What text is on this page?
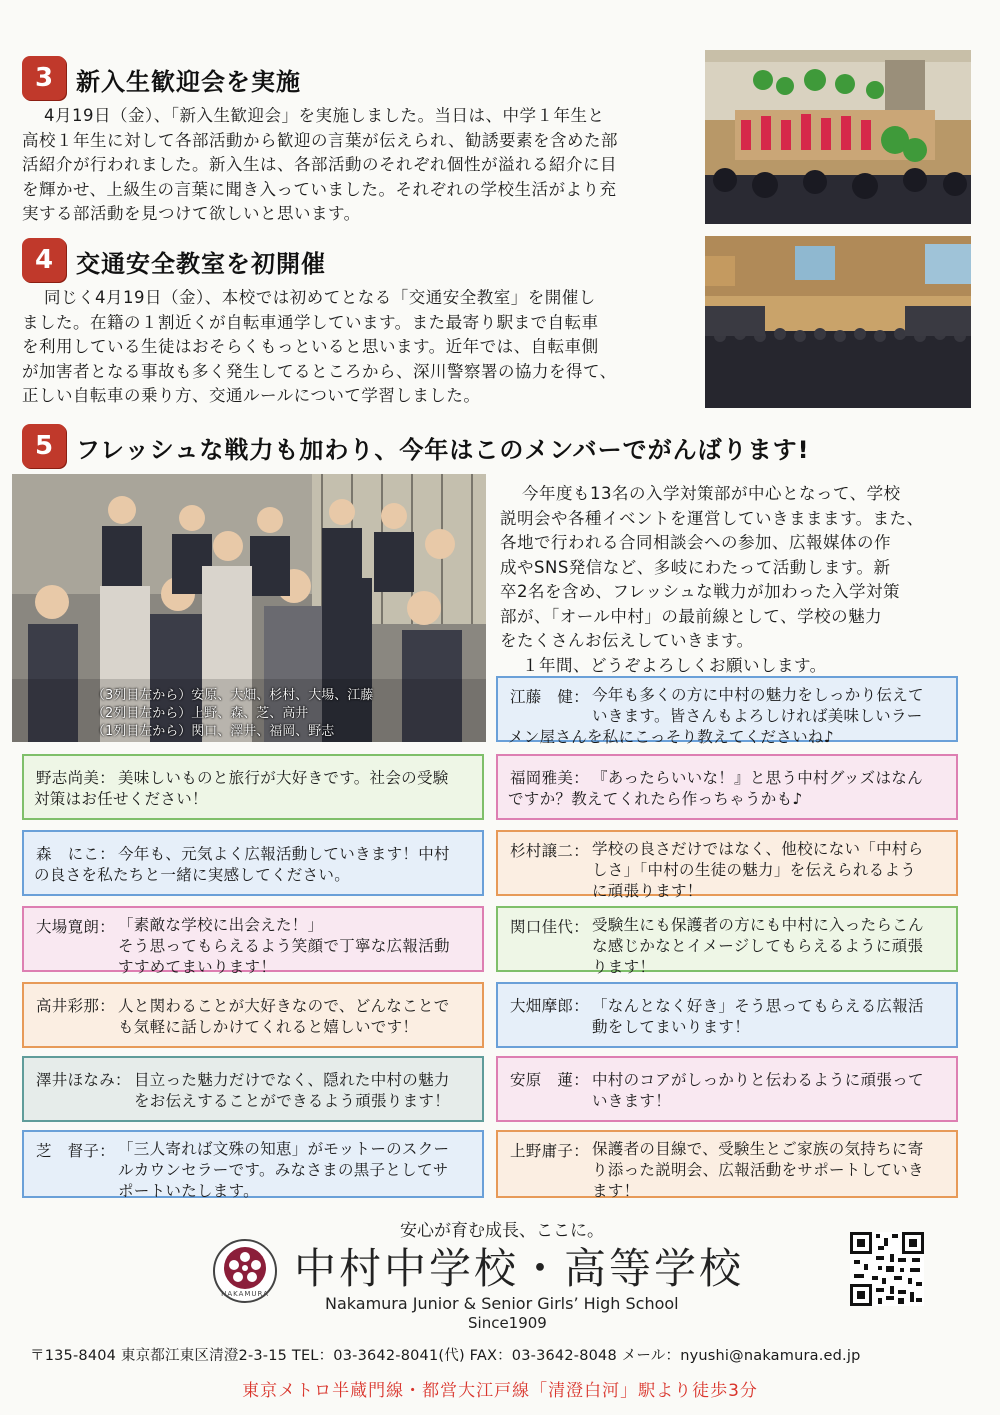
3 新入生歓迎会を実施
4月19日（金）、「新入生歓迎会」を実施しました。当日は、中学１年生と
高校１年生に対して各部活動から歓迎の言葉が伝えられ、勧誘要素を含めた部
活紹介が行われました。新入生は、各部活動のそれぞれ個性が溢れる紹介に目
を輝かせ、上級生の言葉に聞き入っていました。それぞれの学校生活がより充
実する部活動を見つけて欲しいと思います。
4 交通安全教室を初開催
同じく4月19日（金）、本校では初めてとなる「交通安全教室」を開催し
ました。在籍の１割近くが自転車通学しています。また最寄り駅まで自転車
を利用している生徒はおそらくもっといると思います。近年では、自転車側
が加害者となる事故も多く発生してるところから、深川警察署の協力を得て、
正しい自転車の乗り方、交通ルールについて学習しました。
5 フレッシュな戦力も加わり、今年はこのメンバーでがんばります!
（3列目左から）安原、大畑、杉村、大場、江藤
（2列目左から）上野、森、芝、高井
（1列目左から）関口、澤井、福岡、野志
今年度も13名の入学対策部が中心となって、学校
説明会や各種イベントを運営していきままます。また、
各地で行われる合同相談会への参加、広報媒体の作
成やSNS発信など、多岐にわたって活動します。新
卒2名を含め、フレッシュな戦力が加わった入学対策
部が、「オール中村」の最前線として、学校の魅力
をたくさんお伝えしていきます。
１年間、どうぞよろしくお願いします。
江藤　健： 今年も多くの方に中村の魅力をしっかり伝えて
いきます。皆さんもよろしければ美味しいラー
メン屋さんを私にこっそり教えてくださいね♪
野志尚美： 美味しいものと旅行が大好きです。社会の受験
対策はお任せください！
福岡雅美： 『あったらいいな！』と思う中村グッズはなん
ですか？教えてくれたら作っちゃうかも♪
森　にこ： 今年も、元気よく広報活動していきます！中村
の良さを私たちと一緒に実感してください。
杉村譲二： 学校の良さだけではなく、他校にない「中村ら
しさ」「中村の生徒の魅力」を伝えられるよう
に頑張ります！
大場寛朗： 「素敵な学校に出会えた！」
そう思ってもらえるよう笑顔で丁寧な広報活動
すすめてまいります！
関口佳代： 受験生にも保護者の方にも中村に入ったらこん
な感じかなとイメージしてもらえるように頑張
ります！
高井彩那： 人と関わることが大好きなので、どんなことで
も気軽に話しかけてくれると嬉しいです！
大畑摩郎： 「なんとなく好き」そう思ってもらえる広報活
動をしてまいります！
澤井ほなみ： 目立った魅力だけでなく、隠れた中村の魅力
をお伝えすることができるよう頑張ります！
安原　蓮： 中村のコアがしっかりと伝わるように頑張って
いきます！
芝　督子： 「三人寄れば文殊の知恵」がモットーのスクー
ルカウンセラーです。みなさまの黒子としてサ
ポートいたします。
上野庸子： 保護者の目線で、受験生とご家族の気持ちに寄
り添った説明会、広報活動をサポートしていき
ます！
安心が育む成長、ここに。
NAKAMURA
中村中学校・高等学校
Nakamura Junior & Senior Girls’ High School
Since1909
〒135-8404 東京都江東区清澄2-3-15 TEL：03-3642-8041(代) FAX：03-3642-8048 メール：nyushi@nakamura.ed.jp
東京メトロ半蔵門線・都営大江戸線「清澄白河」駅より徒歩3分
